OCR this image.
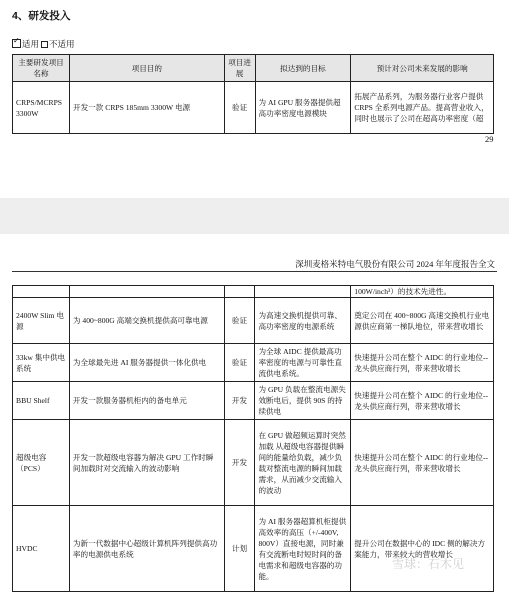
4、研发投入
✓适用 不适用
主要研发项目名称	项目目的	项目进展	拟达到的目标	预计对公司未来发展的影响
CRPS/MCRPS 3300W	开发一款 CRPS 185mm 3300W 电源	验证	为 AI GPU 服务器提供超高功率密度电源模块	拓展产品系列，为服务器行业客户提供 CRPS 全系列电源产品。提高营业收入，同时也展示了公司在超高功率密度（超
29
深圳麦格米特电气股份有限公司 2024 年年度报告全文
				100W/inch³）的技术先进性。
2400W Slim 电源	为 400~800G 高端交换机提供高可靠电源	验证	为高速交换机提供可靠、高功率密度的电源系统	奠定公司在 400~800G 高速交换机行业电源供应商第一梯队地位，带来营收增长
33kw 集中供电系统	为全球最先进 AI 服务器提供一体化供电	验证	为全球 AIDC 提供最高功率密度的电源与可靠性直流供电系统。	快速提升公司在整个 AIDC 的行业地位--龙头供应商行列，带来营收增长
BBU Shelf	开发一款服务器机柜内的备电单元	开发	为 GPU 负载在整流电源失效断电后，提供 90S 的持续供电	快速提升公司在整个 AIDC 的行业地位--龙头供应商行列，带来营收增长
超级电容（PCS）	开发一款超级电容器为解决 GPU 工作时瞬间加载时对交流输入的波动影响	开发	在 GPU 做超频运算时突然加载 从超级电容器提供瞬间的能量给负载，减少负载对整流电源的瞬间加载需求，从而减少交流输入的波动	快速提升公司在整个 AIDC 的行业地位--龙头供应商行列，带来营收增长
HVDC	为新一代数据中心超级计算机阵列提供高功率的电源供电系统	计划	为 AI 服务器超算机柜提供高效率的高压（+/-400V, 800V）直接电源，同时兼有交流断电时短时间的备电需求和超级电容器的功能。	提升公司在数据中心的 IDC 侧的解决方案能力，带来较大的营收增长
雪球：石木见
